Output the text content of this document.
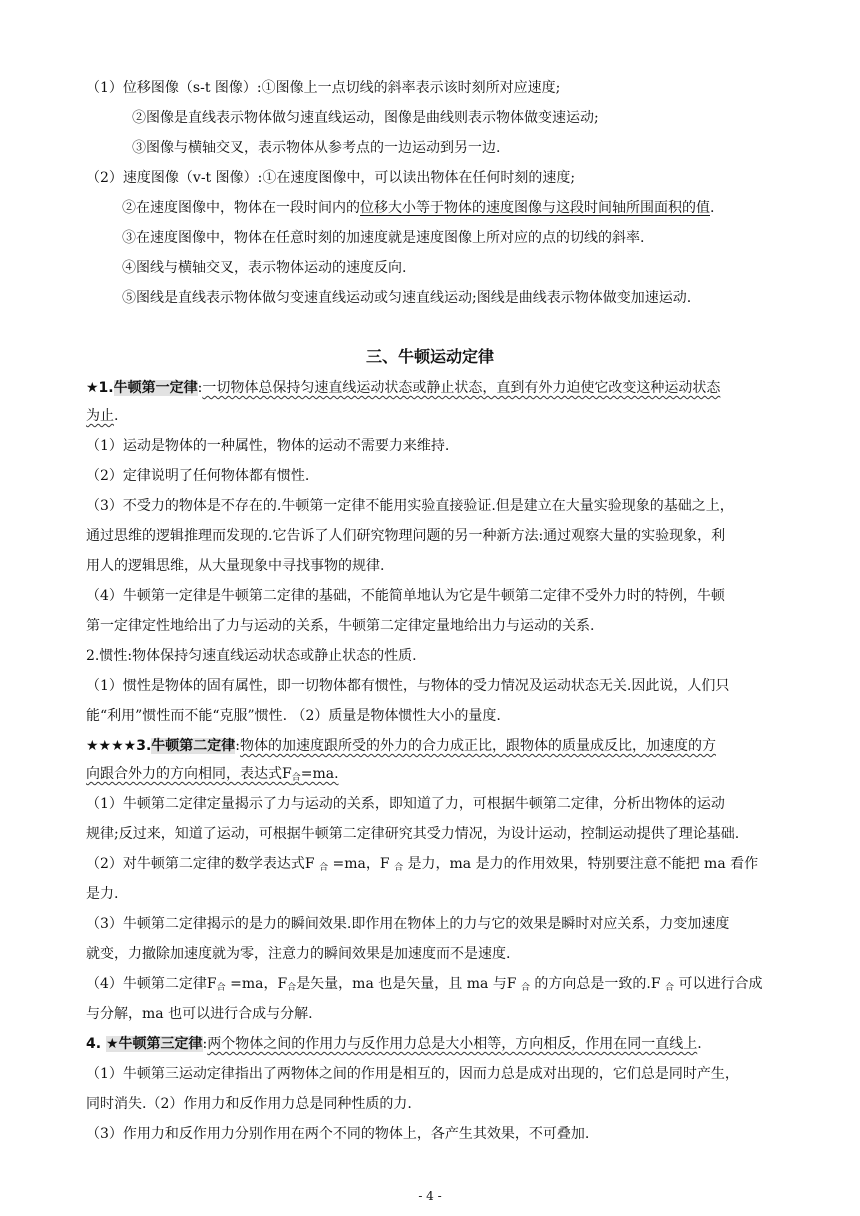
（1）位移图像（s-t 图像）:①图像上一点切线的斜率表示该时刻所对应速度;
②图像是直线表示物体做匀速直线运动，图像是曲线则表示物体做变速运动;
③图像与横轴交叉，表示物体从参考点的一边运动到另一边.
（2）速度图像（v-t 图像）:①在速度图像中，可以读出物体在任何时刻的速度;
②在速度图像中，物体在一段时间内的位移大小等于物体的速度图像与这段时间轴所围面积的值.
③在速度图像中，物体在任意时刻的加速度就是速度图像上所对应的点的切线的斜率.
④图线与横轴交叉，表示物体运动的速度反向.
⑤图线是直线表示物体做匀变速直线运动或匀速直线运动;图线是曲线表示物体做变加速运动.
三、牛顿运动定律
★1.牛顿第一定律:一切物体总保持匀速直线运动状态或静止状态，直到有外力迫使它改变这种运动状态
为止.
（1）运动是物体的一种属性，物体的运动不需要力来维持.
（2）定律说明了任何物体都有惯性.
（3）不受力的物体是不存在的.牛顿第一定律不能用实验直接验证.但是建立在大量实验现象的基础之上，
通过思维的逻辑推理而发现的.它告诉了人们研究物理问题的另一种新方法:通过观察大量的实验现象，利
用人的逻辑思维，从大量现象中寻找事物的规律.
（4）牛顿第一定律是牛顿第二定律的基础，不能简单地认为它是牛顿第二定律不受外力时的特例，牛顿
第一定律定性地给出了力与运动的关系，牛顿第二定律定量地给出力与运动的关系.
2.惯性:物体保持匀速直线运动状态或静止状态的性质.
（1）惯性是物体的固有属性，即一切物体都有惯性，与物体的受力情况及运动状态无关.因此说，人们只
能“利用”惯性而不能“克服”惯性. （2）质量是物体惯性大小的量度.
★★★★3.牛顿第二定律:物体的加速度跟所受的外力的合力成正比，跟物体的质量成反比，加速度的方
向跟合外力的方向相同，表达式$F_合=ma$.
（1）牛顿第二定律定量揭示了力与运动的关系，即知道了力，可根据牛顿第二定律，分析出物体的运动
规律;反过来，知道了运动，可根据牛顿第二定律研究其受力情况，为设计运动，控制运动提供了理论基础.
（2）对牛顿第二定律的数学表达式F $_合$ =ma，F $_合$ 是力，ma 是力的作用效果，特别要注意不能把 ma 看作
是力.
（3）牛顿第二定律揭示的是力的瞬间效果.即作用在物体上的力与它的效果是瞬时对应关系，力变加速度
就变，力撤除加速度就为零，注意力的瞬间效果是加速度而不是速度.
（4）牛顿第二定律$F_合 =ma$，$F_合$是矢量，ma 也是矢量，且 ma 与F $_合$ 的方向总是一致的.F $_合$ 可以进行合成
与分解，ma 也可以进行合成与分解.
4. ★牛顿第三定律:两个物体之间的作用力与反作用力总是大小相等，方向相反，作用在同一直线上.
（1）牛顿第三运动定律指出了两物体之间的作用是相互的，因而力总是成对出现的，它们总是同时产生，
同时消失.（2）作用力和反作用力总是同种性质的力.
（3）作用力和反作用力分别作用在两个不同的物体上，各产生其效果，不可叠加.
- 4 -
